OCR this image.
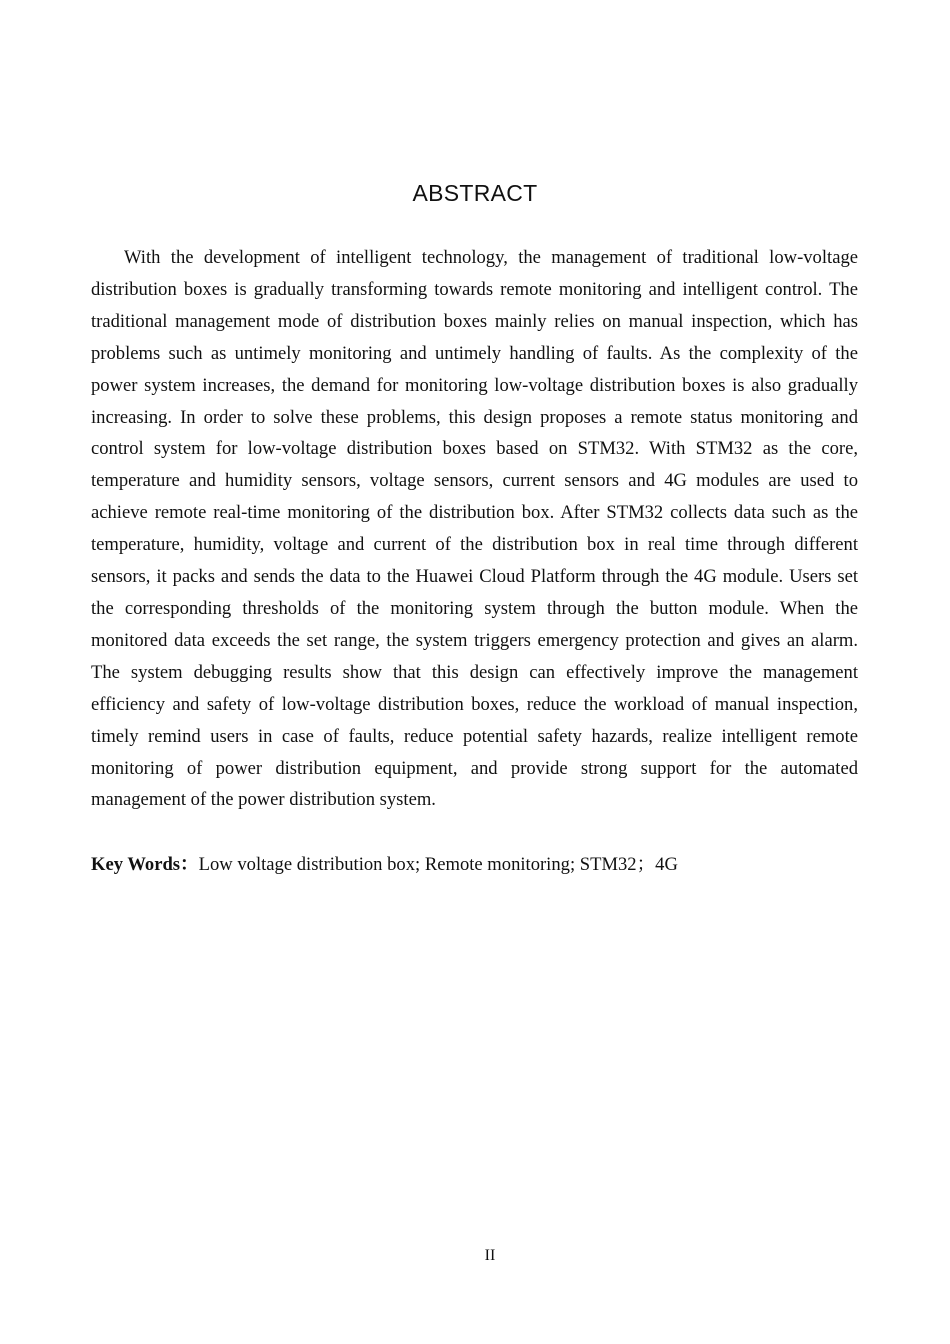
ABSTRACT

With the development of intelligent technology, the management of traditional low-voltage distribution boxes is gradually transforming towards remote monitoring and intelligent control. The traditional management mode of distribution boxes mainly relies on manual inspection, which has problems such as untimely monitoring and untimely handling of faults. As the complexity of the power system increases, the demand for monitoring low-voltage distribution boxes is also gradually increasing. In order to solve these problems, this design proposes a remote status monitoring and control system for low-voltage distribution boxes based on STM32. With STM32 as the core, temperature and humidity sensors, voltage sensors, current sensors and 4G modules are used to achieve remote real-time monitoring of the distribution box. After STM32 collects data such as the temperature, humidity, voltage and current of the distribution box in real time through different sensors, it packs and sends the data to the Huawei Cloud Platform through the 4G module. Users set the corresponding thresholds of the monitoring system through the button module. When the monitored data exceeds the set range, the system triggers emergency protection and gives an alarm. The system debugging results show that this design can effectively improve the management efficiency and safety of low-voltage distribution boxes, reduce the workload of manual inspection, timely remind users in case of faults, reduce potential safety hazards, realize intelligent remote monitoring of power distribution equipment, and provide strong support for the automated management of the power distribution system.

Key Words：Low voltage distribution box; Remote monitoring; STM32；4G

II
